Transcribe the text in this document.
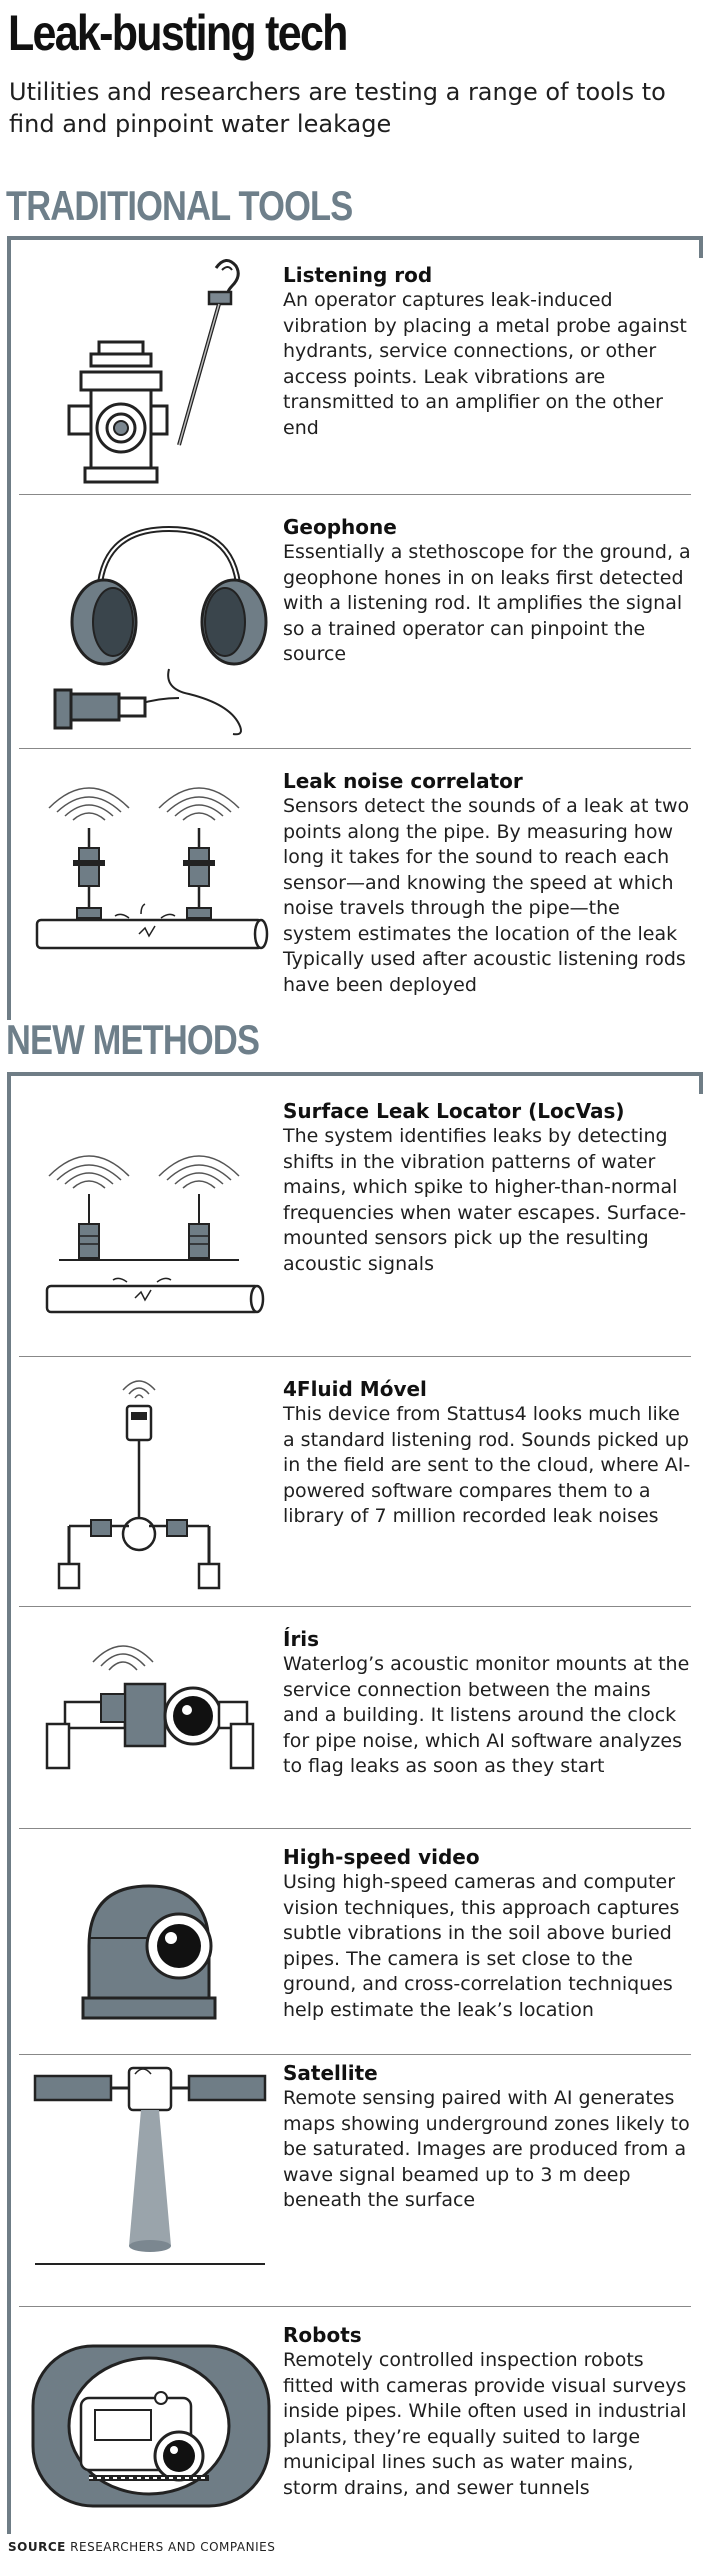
Leak-busting tech

Utilities and researchers are testing a range of tools to find and pinpoint water leakage

TRADITIONAL TOOLS
Listening rod

An operator captures leak-induced vibration by placing a metal probe against hydrants, service connections, or other access points. Leak vibrations are transmitted to an amplifier on the other end

Geophone

Essentially a stethoscope for the ground, a geophone hones in on leaks first detected with a listening rod. It amplifies the signal so a trained operator can pinpoint the source

Leak noise correlator

Sensors detect the sounds of a leak at two points along the pipe. By measuring how long it takes for the sound to reach each sensor—and knowing the speed at which noise travels through the pipe—the system estimates the location of the leak Typically used after acoustic listening rods have been deployed

NEW METHODS
Surface Leak Locator (LocVas)

The system identifies leaks by detecting shifts in the vibration patterns of water mains, which spike to higher-than-normal frequencies when water escapes. Surface-mounted sensors pick up the resulting acoustic signals

4Fluid Móvel

This device from Stattus4 looks much like a standard listening rod. Sounds picked up in the field are sent to the cloud, where AI-powered software compares them to a library of 7 million recorded leak noises

Íris

Waterlog’s acoustic monitor mounts at the service connection between the mains and a building. It listens around the clock for pipe noise, which AI software analyzes to flag leaks as soon as they start

High-speed video

Using high-speed cameras and computer vision techniques, this approach captures subtle vibrations in the soil above buried pipes. The camera is set close to the ground, and cross-correlation techniques help estimate the leak’s location

Satellite

Remote sensing paired with AI generates maps showing underground zones likely to be saturated. Images are produced from a wave signal beamed up to 3 m deep beneath the surface

Robots

Remotely controlled inspection robots fitted with cameras provide visual surveys inside pipes. While often used in industrial plants, they’re equally suited to large municipal lines such as water mains, storm drains, and sewer tunnels

SOURCE RESEARCHERS AND COMPANIES
